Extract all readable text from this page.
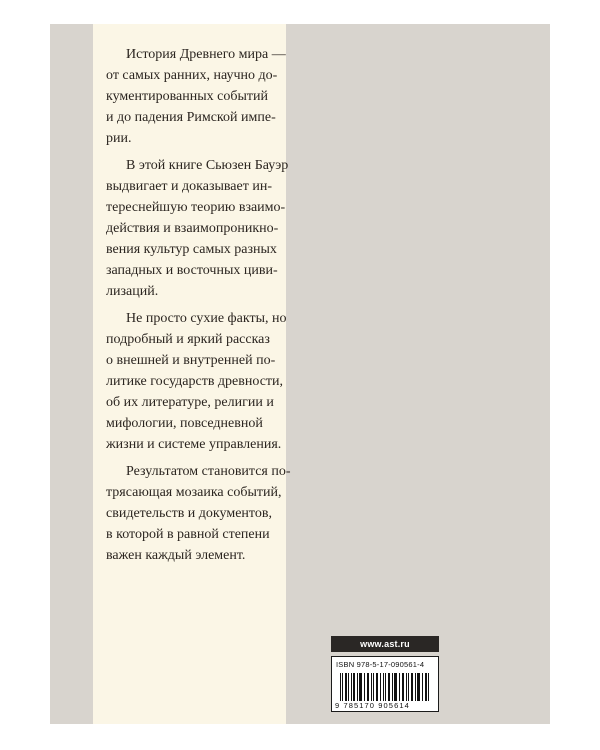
История Древнего мира —
от самых ранних, научно до-
кументированных событий
и до падения Римской импе-
рии.
В этой книге Сьюзен Бауэр
выдвигает и доказывает ин-
тереснейшую теорию взаимо-
действия и взаимопроникно-
вения культур самых разных
западных и восточных циви-
лизаций.
Не просто сухие факты, но
подробный и яркий рассказ
о внешней и внутренней по-
литике государств древности,
об их литературе, религии и
мифологии, повседневной
жизни и системе управления.
Результатом становится по-
трясающая мозаика событий,
свидетельств и документов,
в которой в равной степени
важен каждый элемент.
www.ast.ru
ISBN 978-5-17-090561-4
9 785170 905614
